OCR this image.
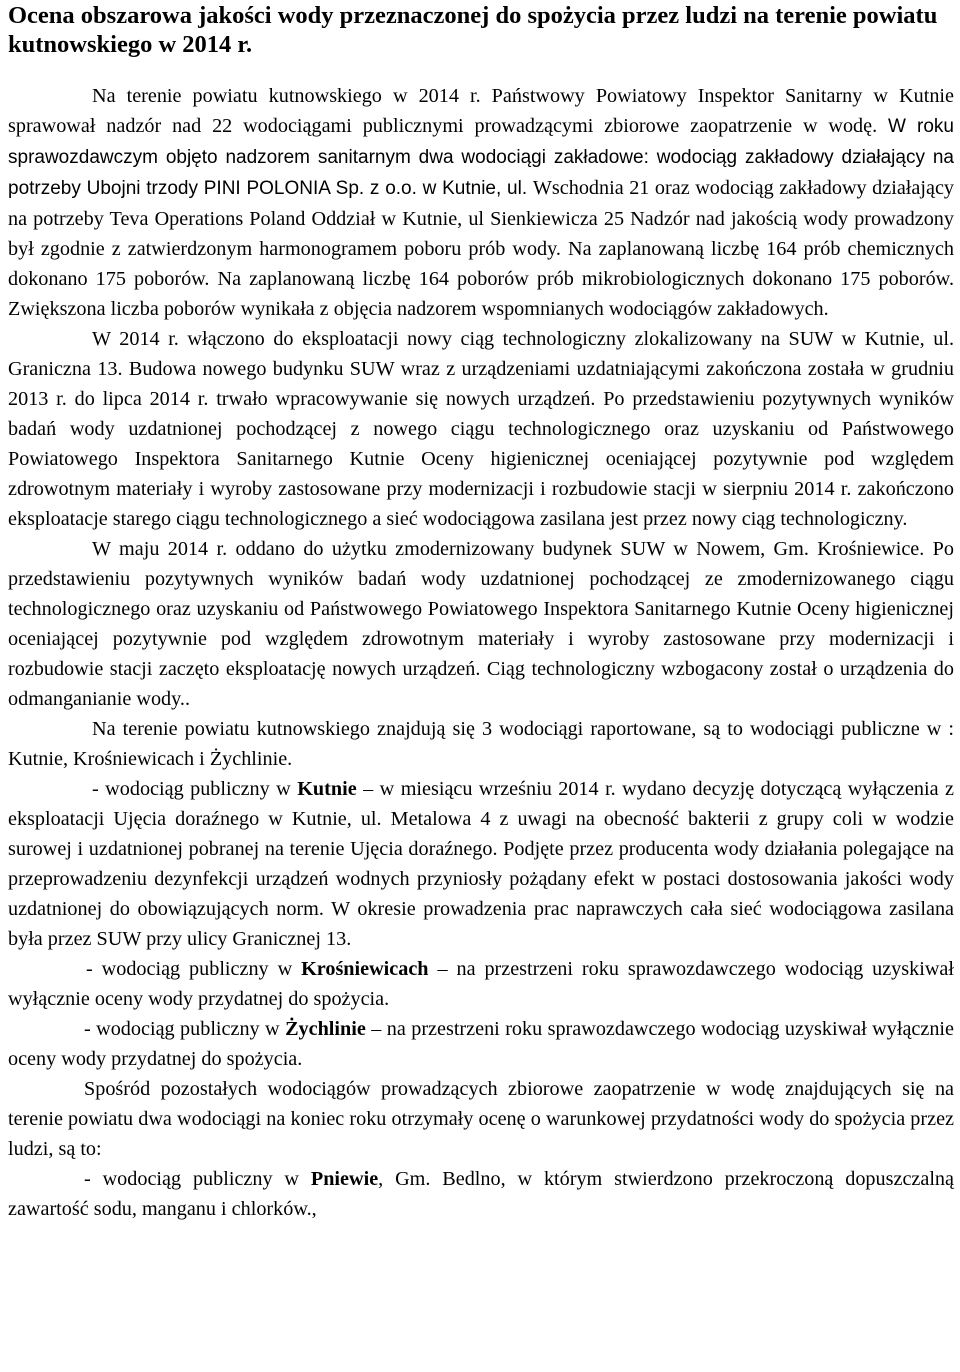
Ocena obszarowa jakości wody przeznaczonej do spożycia przez ludzi na terenie powiatu kutnowskiego w 2014 r.

Na terenie powiatu kutnowskiego w 2014 r. Państwowy Powiatowy Inspektor Sanitarny w Kutnie sprawował nadzór nad 22 wodociągami publicznymi prowadzącymi zbiorowe zaopatrzenie w wodę. W roku sprawozdawczym objęto nadzorem sanitarnym dwa wodociągi zakładowe: wodociąg zakładowy działający na potrzeby Ubojni trzody PINI POLONIA Sp. z o.o. w Kutnie, ul. Wschodnia 21 oraz wodociąg zakładowy działający na potrzeby Teva Operations Poland Oddział w Kutnie, ul Sienkiewicza 25 Nadzór nad jakością wody prowadzony był zgodnie z zatwierdzonym harmonogramem poboru prób wody. Na zaplanowaną liczbę 164 prób chemicznych dokonano 175 poborów. Na zaplanowaną liczbę 164 poborów prób mikrobiologicznych dokonano 175 poborów. Zwiększona liczba poborów wynikała z objęcia nadzorem wspomnianych wodociągów zakładowych.

W 2014 r. włączono do eksploatacji nowy ciąg technologiczny zlokalizowany na SUW w Kutnie, ul. Graniczna 13. Budowa nowego budynku SUW wraz z urządzeniami uzdatniającymi zakończona została w grudniu 2013 r. do lipca 2014 r. trwało wpracowywanie się nowych urządzeń. Po przedstawieniu pozytywnych wyników badań wody uzdatnionej pochodzącej z nowego ciągu technologicznego oraz uzyskaniu od Państwowego Powiatowego Inspektora Sanitarnego Kutnie Oceny higienicznej oceniającej pozytywnie pod względem zdrowotnym materiały i wyroby zastosowane przy modernizacji i rozbudowie stacji w sierpniu 2014 r. zakończono eksploatacje starego ciągu technologicznego a sieć wodociągowa zasilana jest przez nowy ciąg technologiczny.

W maju 2014 r. oddano do użytku zmodernizowany budynek SUW w Nowem, Gm. Krośniewice. Po przedstawieniu pozytywnych wyników badań wody uzdatnionej pochodzącej ze zmodernizowanego ciągu technologicznego oraz uzyskaniu od Państwowego Powiatowego Inspektora Sanitarnego Kutnie Oceny higienicznej oceniającej pozytywnie pod względem zdrowotnym materiały i wyroby zastosowane przy modernizacji i rozbudowie stacji zaczęto eksploatację nowych urządzeń. Ciąg technologiczny wzbogacony został o urządzenia do odmanganianie wody..

Na terenie powiatu kutnowskiego znajdują się 3 wodociągi raportowane, są to wodociągi publiczne w : Kutnie, Krośniewicach i Żychlinie.

- wodociąg publiczny w Kutnie – w miesiącu wrześniu 2014 r. wydano decyzję dotyczącą wyłączenia z eksploatacji Ujęcia doraźnego w Kutnie, ul. Metalowa 4 z uwagi na obecność bakterii z grupy coli w wodzie surowej i uzdatnionej pobranej na terenie Ujęcia doraźnego. Podjęte przez producenta wody działania polegające na przeprowadzeniu dezynfekcji urządzeń wodnych przyniosły pożądany efekt w postaci dostosowania jakości wody uzdatnionej do obowiązujących norm. W okresie prowadzenia prac naprawczych cała sieć wodociągowa zasilana była przez SUW przy ulicy Granicznej 13.

- wodociąg publiczny w Krośniewicach – na przestrzeni roku sprawozdawczego wodociąg uzyskiwał wyłącznie oceny wody przydatnej do spożycia.

- wodociąg publiczny w Żychlinie – na przestrzeni roku sprawozdawczego wodociąg uzyskiwał wyłącznie oceny wody przydatnej do spożycia.

Spośród pozostałych wodociągów prowadzących zbiorowe zaopatrzenie w wodę znajdujących się na terenie powiatu dwa wodociągi na koniec roku otrzymały ocenę o warunkowej przydatności wody do spożycia przez ludzi, są to:

- wodociąg publiczny w Pniewie, Gm. Bedlno, w którym stwierdzono przekroczoną dopuszczalną zawartość sodu, manganu i chlorków.,
